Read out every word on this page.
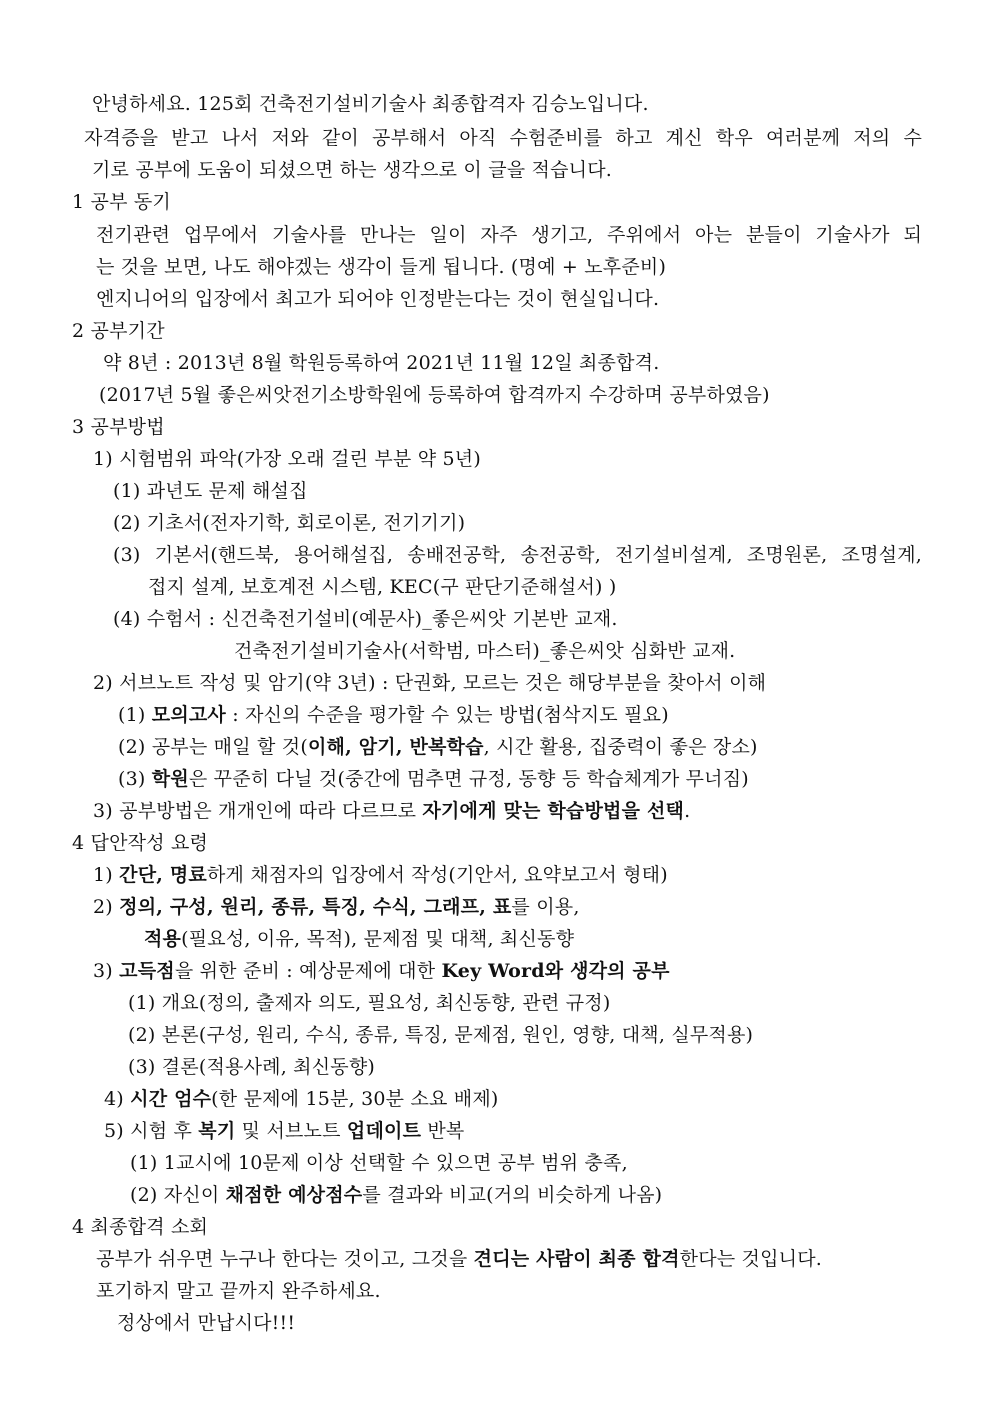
안녕하세요. 125회 건축전기설비기술사 최종합격자 김승노입니다.
자격증을 받고 나서 저와 같이 공부해서 아직 수험준비를 하고 계신 학우 여러분께 저의 수
기로 공부에 도움이 되셨으면 하는 생각으로 이 글을 적습니다.
1 공부 동기
전기관련 업무에서 기술사를 만나는 일이 자주 생기고, 주위에서 아는 분들이 기술사가 되
는 것을 보면, 나도 해야겠는 생각이 들게 됩니다. (명예 + 노후준비)
엔지니어의 입장에서 최고가 되어야 인정받는다는 것이 현실입니다.
2 공부기간
약 8년 : 2013년 8월 학원등록하여 2021년 11월 12일 최종합격.
(2017년 5월 좋은씨앗전기소방학원에 등록하여 합격까지 수강하며 공부하였음)
3 공부방법
1) 시험범위 파악(가장 오래 걸린 부분 약 5년)
(1) 과년도 문제 해설집
(2) 기초서(전자기학, 회로이론, 전기기기)
(3) 기본서(핸드북, 용어해설집, 송배전공학, 송전공학, 전기설비설계, 조명원론, 조명설계,
접지 설계, 보호계전 시스템, KEC(구 판단기준해설서) )
(4) 수험서 : 신건축전기설비(예문사)_좋은씨앗 기본반 교재.
건축전기설비기술사(서학범, 마스터)_좋은씨앗 심화반 교재.
2) 서브노트 작성 및 암기(약 3년) : 단권화, 모르는 것은 해당부분을 찾아서 이해
(1) 모의고사 : 자신의 수준을 평가할 수 있는 방법(첨삭지도 필요)
(2) 공부는 매일 할 것(이해, 암기, 반복학습, 시간 활용, 집중력이 좋은 장소)
(3) 학원은 꾸준히 다닐 것(중간에 멈추면 규정, 동향 등 학습체계가 무너짐)
3) 공부방법은 개개인에 따라 다르므로 자기에게 맞는 학습방법을 선택.
4 답안작성 요령
1) 간단, 명료하게 채점자의 입장에서 작성(기안서, 요약보고서 형태)
2) 정의, 구성, 원리, 종류, 특징, 수식, 그래프, 표를 이용,
적용(필요성, 이유, 목적), 문제점 및 대책, 최신동향
3) 고득점을 위한 준비 : 예상문제에 대한 Key Word와 생각의 공부
(1) 개요(정의, 출제자 의도, 필요성, 최신동향, 관련 규정)
(2) 본론(구성, 원리, 수식, 종류, 특징, 문제점, 원인, 영향, 대책, 실무적용)
(3) 결론(적용사례, 최신동향)
4) 시간 엄수(한 문제에 15분, 30분 소요 배제)
5) 시험 후 복기 및 서브노트 업데이트 반복
(1) 1교시에 10문제 이상 선택할 수 있으면 공부 범위 충족,
(2) 자신이 채점한 예상점수를 결과와 비교(거의 비슷하게 나옴)
4 최종합격 소회
공부가 쉬우면 누구나 한다는 것이고, 그것을 견디는 사람이 최종 합격한다는 것입니다.
포기하지 말고 끝까지 완주하세요.
정상에서 만납시다!!!
